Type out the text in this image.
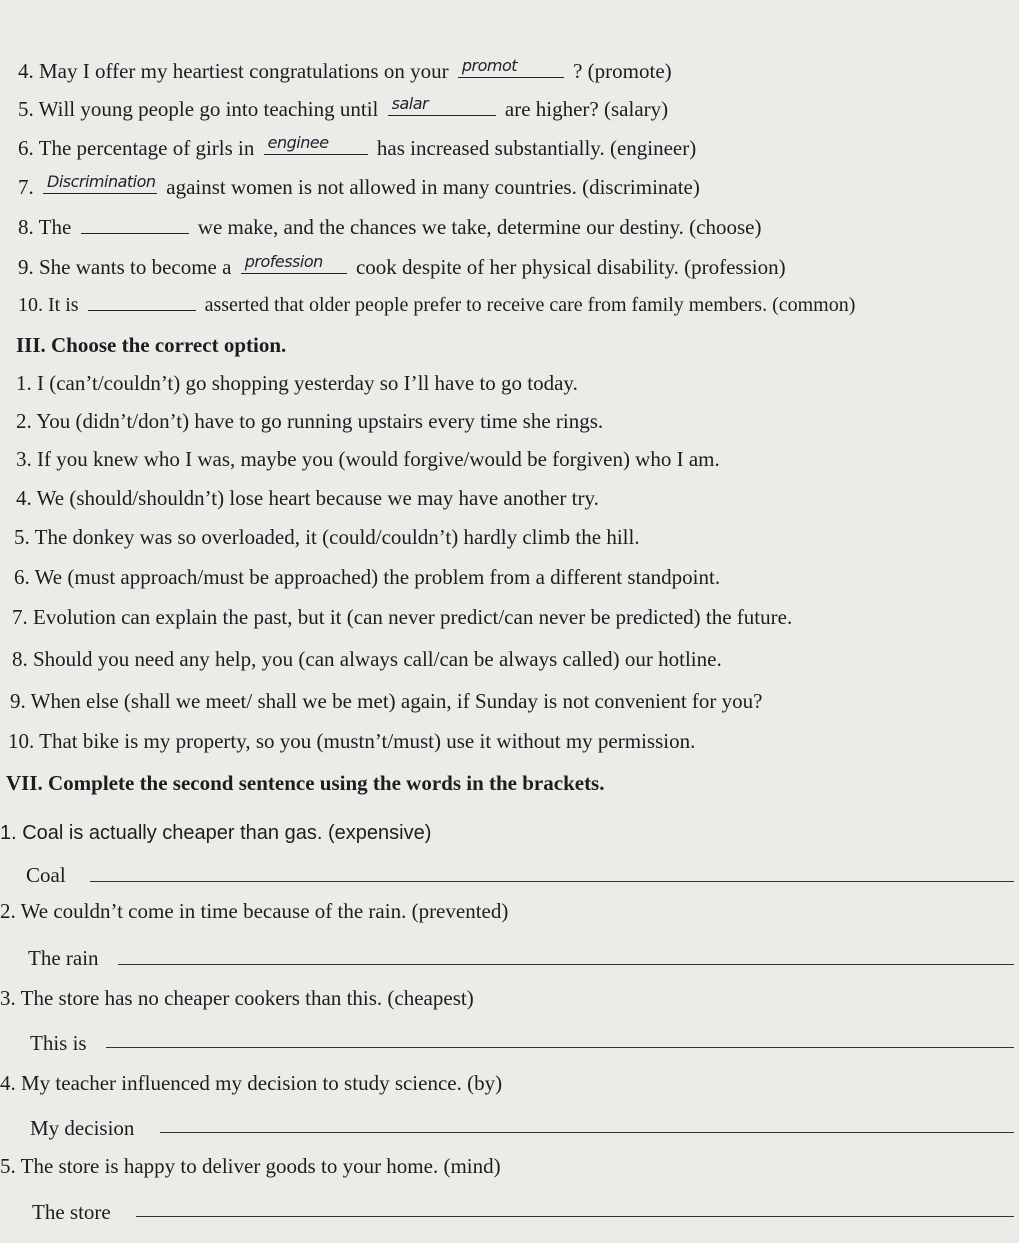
4. May I offer my heartiest congratulations on your promot	? (promote)
5. Will young people go into teaching until salar	are higher? (salary)
6. The percentage of girls in enginee has increased substantially. (engineer)
7. Discrimination against women is not allowed in many countries. (discriminate)
8. The	we make, and the chances we take, determine our destiny. (choose)
9. She wants to become a profession cook despite of her physical disability. (profession)
10. It is	asserted that older people prefer to receive care from family members. (common)
III. Choose the correct option.
1. I (can’t/couldn’t) go shopping yesterday so I’ll have to go today.
2. You (didn’t/don’t) have to go running upstairs every time she rings.
3. If you knew who I was, maybe you (would forgive/would be forgiven) who I am.
4. We (should/shouldn’t) lose heart because we may have another try.
5. The donkey was so overloaded, it (could/couldn’t) hardly climb the hill.
6. We (must approach/must be approached) the problem from a different standpoint.
7. Evolution can explain the past, but it (can never predict/can never be predicted) the future.
8. Should you need any help, you (can always call/can be always called) our hotline.
9. When else (shall we meet/ shall we be met) again, if Sunday is not convenient for you?
10. That bike is my property, so you (mustn’t/must) use it without my permission.
VII. Complete the second sentence using the words in the brackets.
1. Coal is actually cheaper than gas. (expensive)
Coal
2. We couldn’t come in time because of the rain. (prevented)
The rain
3. The store has no cheaper cookers than this. (cheapest)
This is
4. My teacher influenced my decision to study science. (by)
My decision
5. The store is happy to deliver goods to your home. (mind)
The store
